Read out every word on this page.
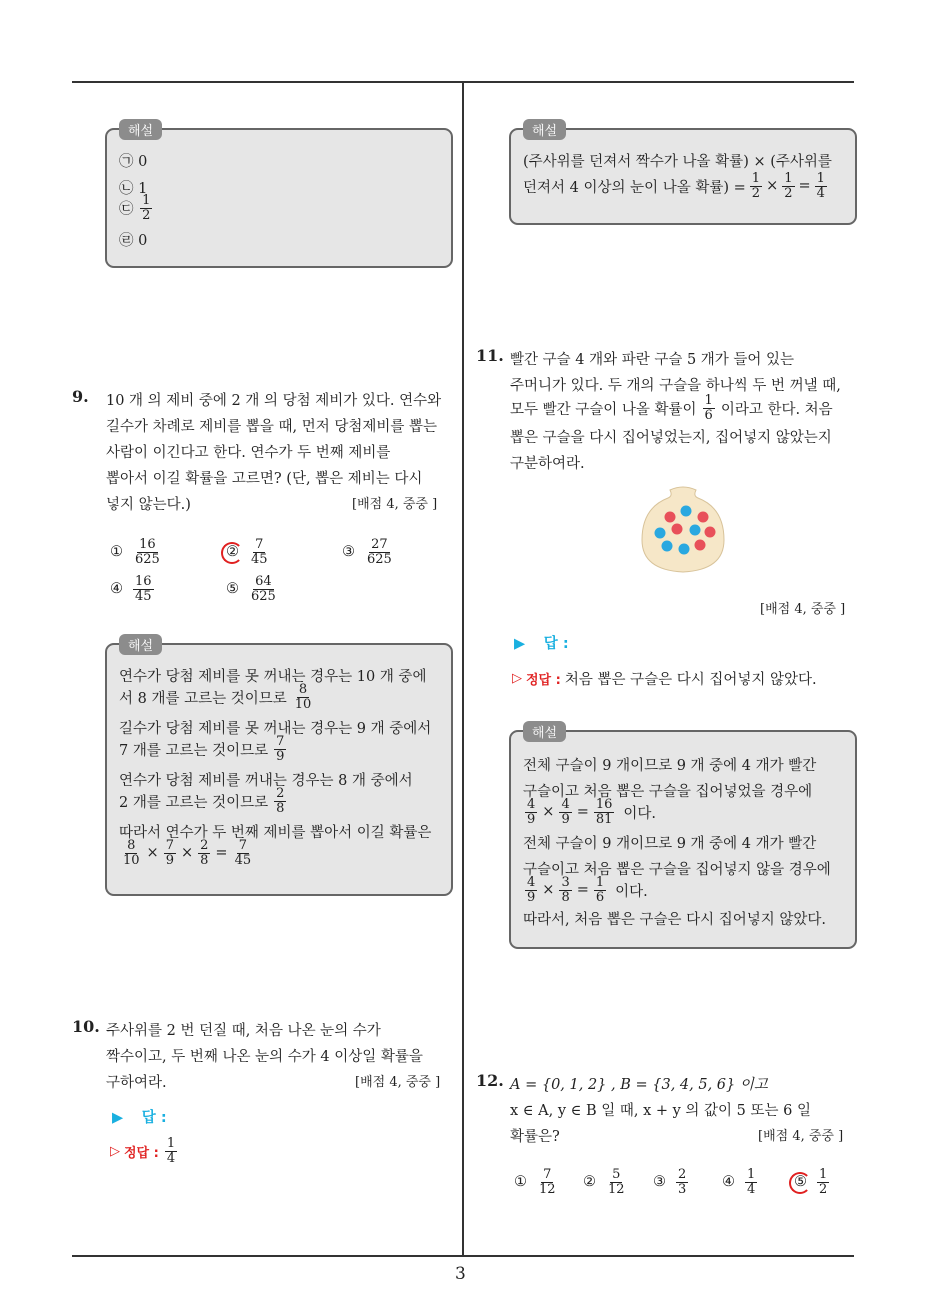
3
해설
㉠ 0
㉡ 1
㉢ $\frac{1}{2}$
㉣ 0
해설
(주사위를 던져서 짝수가 나올 확률) × (주사위를
던져서 4 이상의 눈이 나올 확률) = $\frac{1}{2} \times \frac{1}{2} = \frac{1}{4}$
9. 10 개 의 제비 중에 2 개 의 당첨 제비가 있다. 연수와
길수가 차례로 제비를 뽑을 때, 먼저 당첨제비를 뽑는
사람이 이긴다고 한다. 연수가 두 번째 제비를
뽑아서 이길 확률을 고르면? (단, 뽑은 제비는 다시
넣지 않는다.)	[배점 4, 중중 ]
① $\frac{16}{625}$	② $\frac{7}{45}$	③ $\frac{27}{625}$
④ $\frac{16}{45}$	⑤ $\frac{64}{625}$
해설
연수가 당첨 제비를 못 꺼내는 경우는 10 개 중에
서 8 개를 고르는 것이므로 $\frac{8}{10}$
길수가 당첨 제비를 못 꺼내는 경우는 9 개 중에서
7 개를 고르는 것이므로 $\frac{7}{9}$
연수가 당첨 제비를 꺼내는 경우는 8 개 중에서
2 개를 고르는 것이므로 $\frac{2}{8}$
따라서 연수가 두 번째 제비를 뽑아서 이길 확률은
$\frac{8}{10} \times \frac{7}{9} \times \frac{2}{8} = \frac{7}{45}$
10. 주사위를 2 번 던질 때, 처음 나온 눈의 수가
짝수이고, 두 번째 나온 눈의 수가 4 이상일 확률을
구하여라.	[배점 4, 중중 ]
▶ 답 :
▷ 정답 : $\frac{1}{4}$
11. 빨간 구슬 4 개와 파란 구슬 5 개가 들어 있는
주머니가 있다. 두 개의 구슬을 하나씩 두 번 꺼낼 때,
모두 빨간 구슬이 나올 확률이 $\frac{1}{6}$ 이라고 한다. 처음
뽑은 구슬을 다시 집어넣었는지, 집어넣지 않았는지
구분하여라.
[배점 4, 중중 ]
▶ 답 :
▷ 정답 : 처음 뽑은 구슬은 다시 집어넣지 않았다.
해설
전체 구슬이 9 개이므로 9 개 중에 4 개가 빨간
구슬이고 처음 뽑은 구슬을 집어넣었을 경우에
$\frac{4}{9} \times \frac{4}{9} = \frac{16}{81}$ 이다.
전체 구슬이 9 개이므로 9 개 중에 4 개가 빨간
구슬이고 처음 뽑은 구슬을 집어넣지 않을 경우에
$\frac{4}{9} \times \frac{3}{8} = \frac{1}{6}$ 이다.
따라서, 처음 뽑은 구슬은 다시 집어넣지 않았다.
12. A = {0, 1, 2} , B = {3, 4, 5, 6} 이고
x ∈ A, y ∈ B 일 때, x + y 의 값이 5 또는 6 일
확률은?	[배점 4, 중중 ]
① $\frac{7}{12}$ ② $\frac{5}{12}$ ③ $\frac{2}{3}$ ④ $\frac{1}{4}$	⑤ $\frac{1}{2}$
